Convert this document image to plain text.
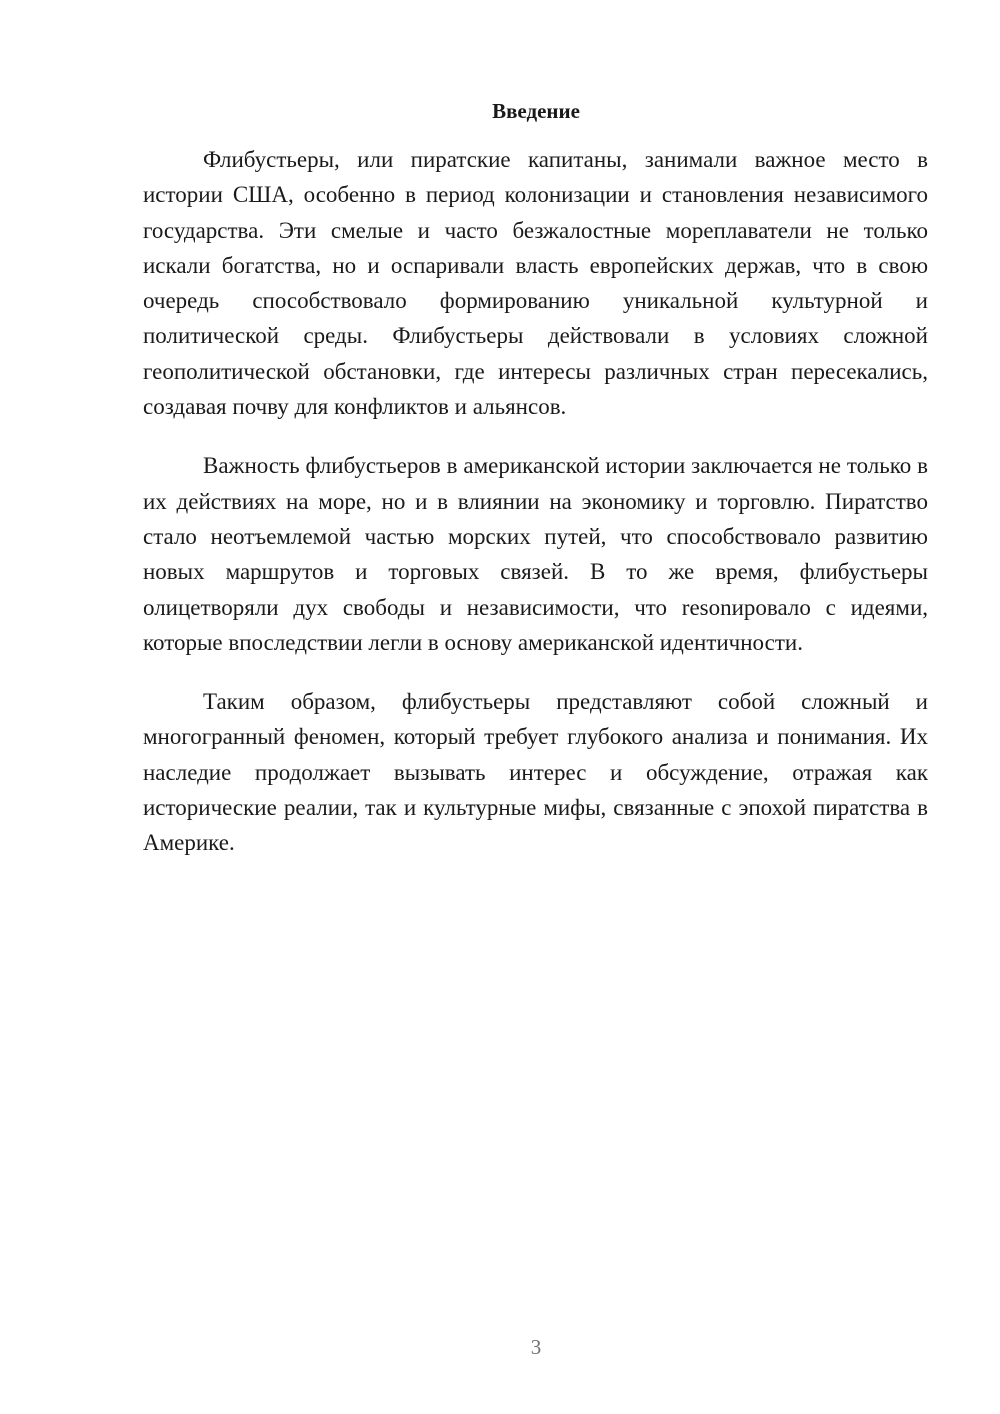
Введение

Флибустьеры, или пиратские капитаны, занимали важное место в истории США, особенно в период колонизации и становления независимого государства. Эти смелые и часто безжалостные мореплаватели не только искали богатства, но и оспаривали власть европейских держав, что в свою очередь способствовало формированию уникальной культурной и политической среды. Флибустьеры действовали в условиях сложной геополитической обстановки, где интересы различных стран пересекались, создавая почву для конфликтов и альянсов.

Важность флибустьеров в американской истории заключается не только в их действиях на море, но и в влиянии на экономику и торговлю. Пиратство стало неотъемлемой частью морских путей, что способствовало развитию новых маршрутов и торговых связей. В то же время, флибустьеры олицетворяли дух свободы и независимости, что resonировало с идеями, которые впоследствии легли в основу американской идентичности.

Таким образом, флибустьеры представляют собой сложный и многогранный феномен, который требует глубокого анализа и понимания. Их наследие продолжает вызывать интерес и обсуждение, отражая как исторические реалии, так и культурные мифы, связанные с эпохой пиратства в Америке.

3
